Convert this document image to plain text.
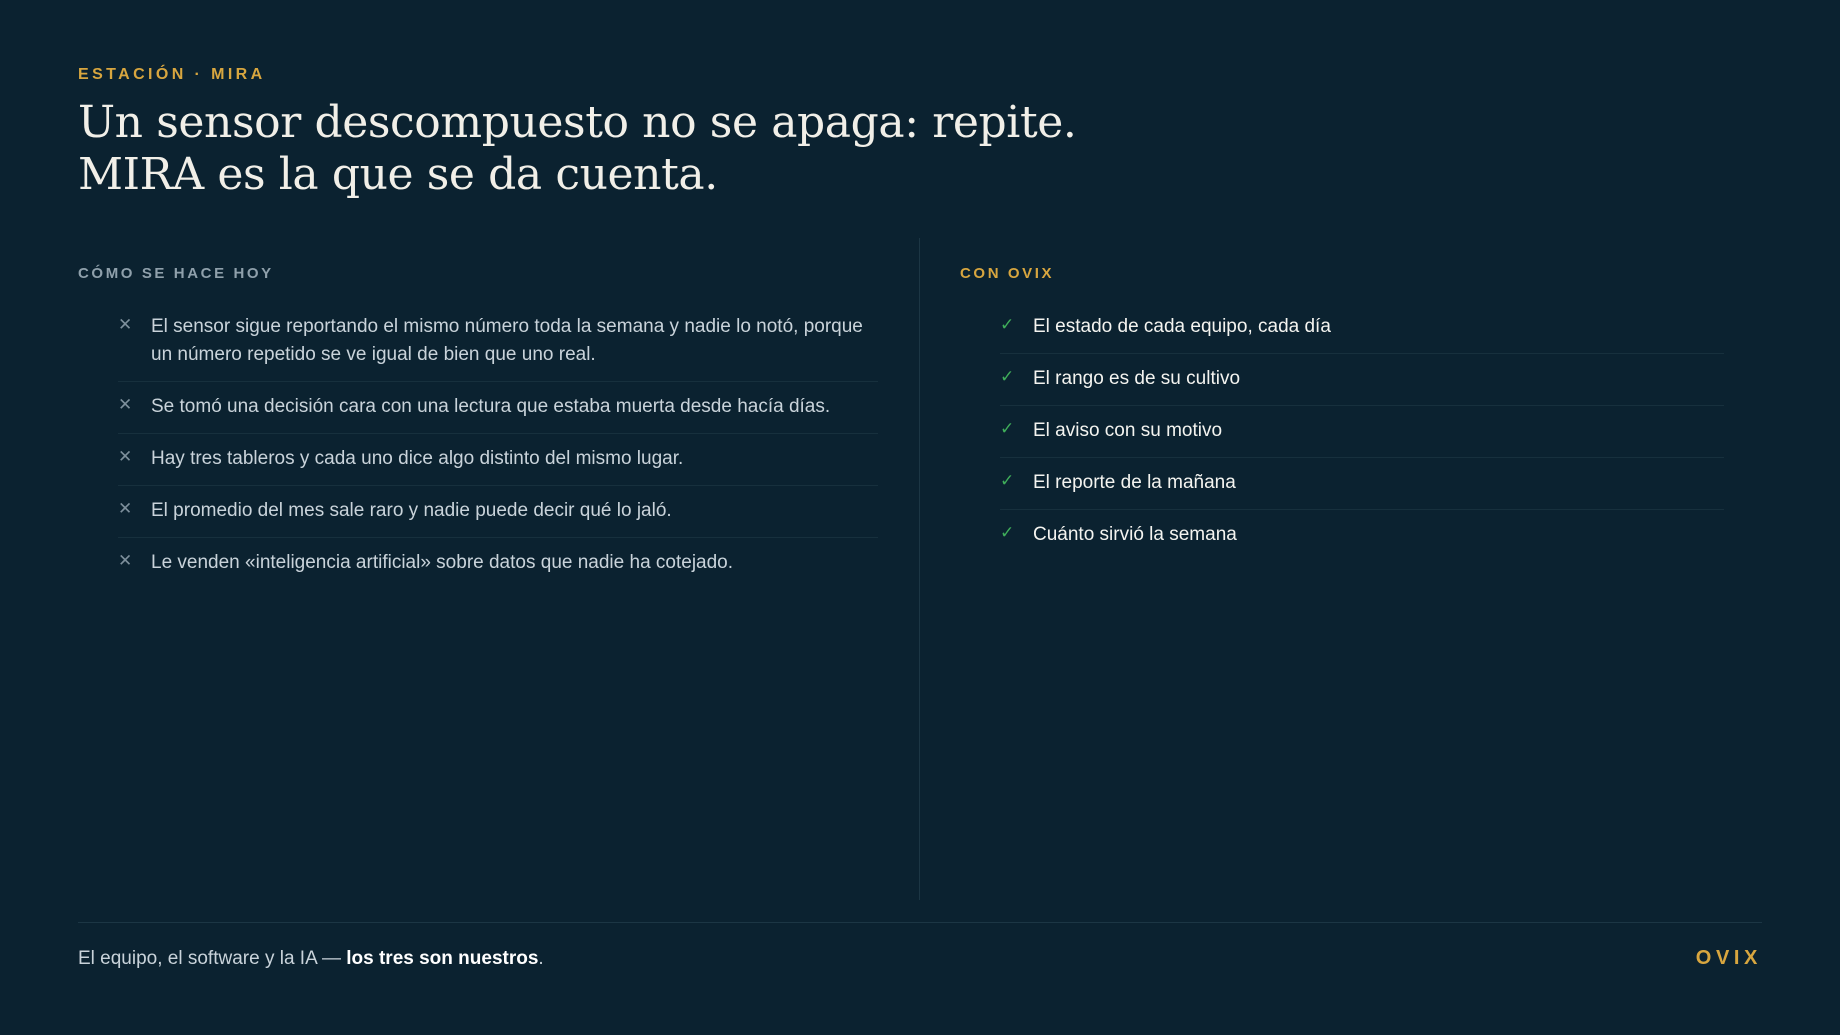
ESTACIÓN · MIRA
Un sensor descompuesto no se apaga: repite.
MIRA es la que se da cuenta.
CÓMO SE HACE HOY
✕ El sensor sigue reportando el mismo número toda la semana y nadie lo notó, porque un número repetido se ve igual de bien que uno real.
✕ Se tomó una decisión cara con una lectura que estaba muerta desde hacía días.
✕ Hay tres tableros y cada uno dice algo distinto del mismo lugar.
✕ El promedio del mes sale raro y nadie puede decir qué lo jaló.
✕ Le venden «inteligencia artificial» sobre datos que nadie ha cotejado.
CON OVIX
✓ El estado de cada equipo, cada día
✓ El rango es de su cultivo
✓ El aviso con su motivo
✓ El reporte de la mañana
✓ Cuánto sirvió la semana
El equipo, el software y la IA — los tres son nuestros.	OVIX
